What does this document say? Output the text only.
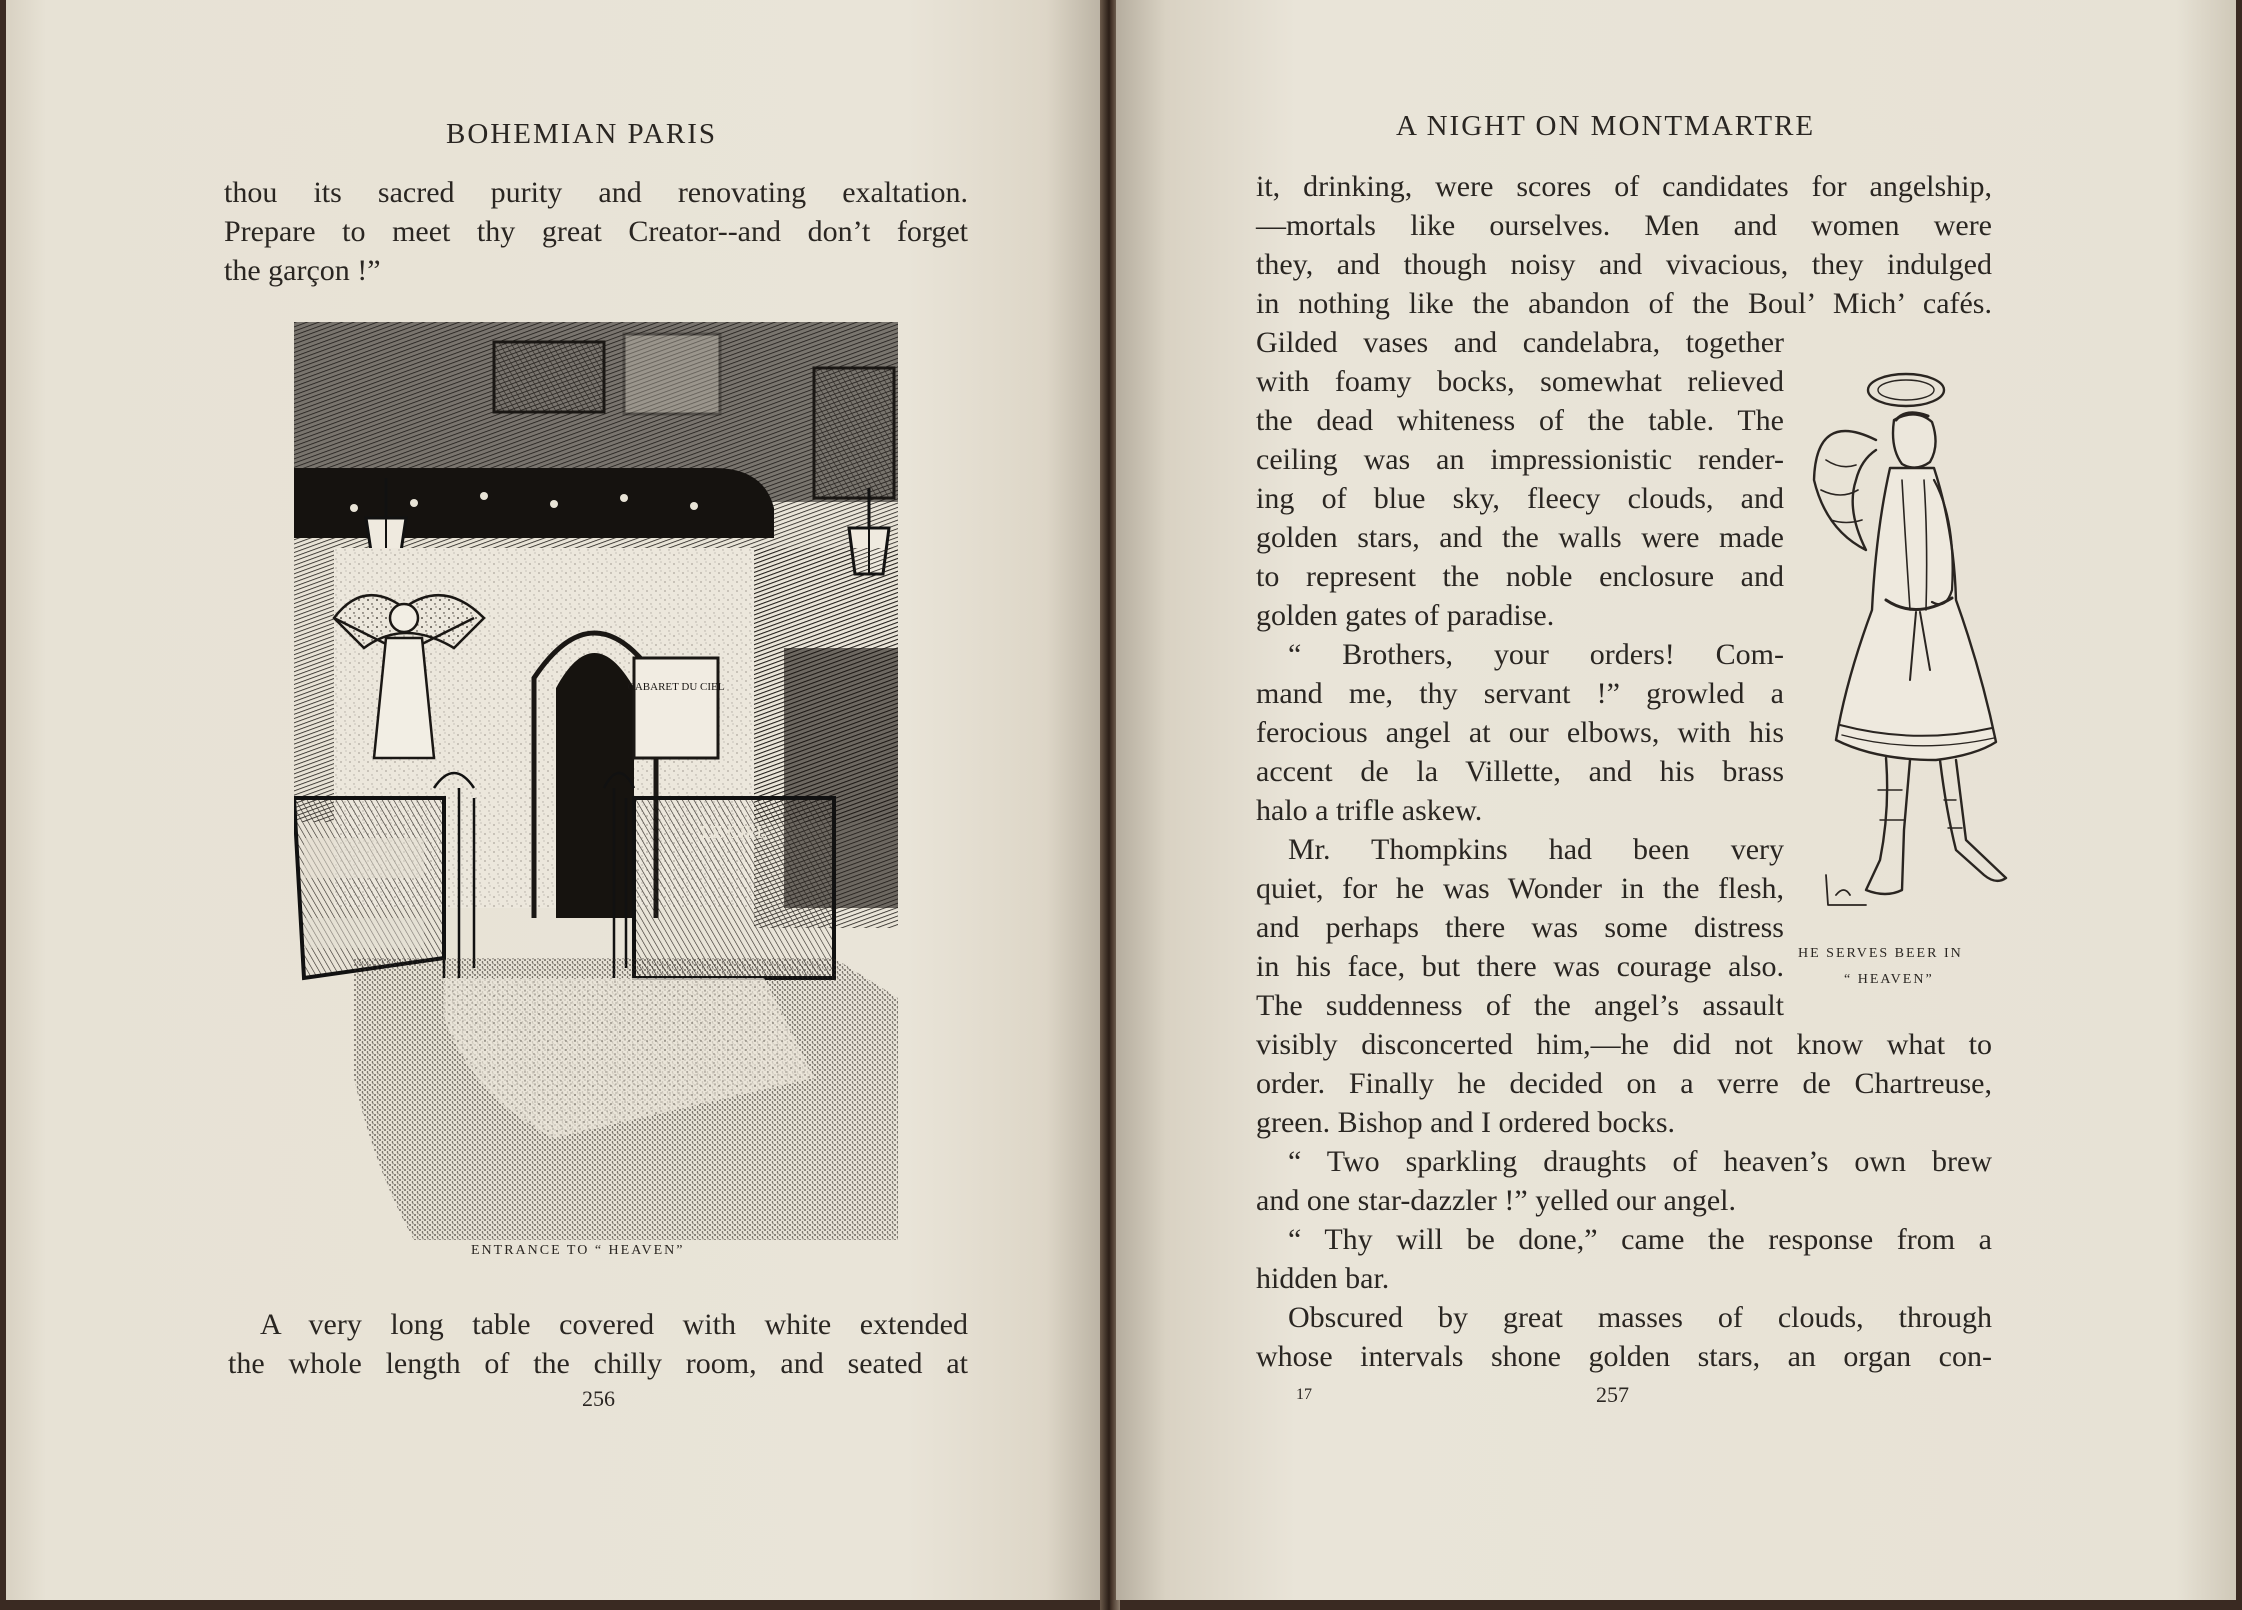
BOHEMIAN PARIS
thou its sacred purity and renovating exaltation.
Prepare to meet thy great Creator--and don’t forget
the garçon !”
CABARET DU CIEL
LE CIEL
ENTRANCE TO “ HEAVEN”
A very long table covered with white extended
the whole length of the chilly room, and seated at
256
A NIGHT ON MONTMARTRE
it, drinking, were scores of candidates for angelship,
—mortals like ourselves. Men and women were
they, and though noisy and vivacious, they indulged
in nothing like the abandon of the Boul’ Mich’ cafés.
Gilded vases and candelabra, together
with foamy bocks, somewhat relieved
the dead whiteness of the table. The
ceiling was an impressionistic render-
ing of blue sky, fleecy clouds, and
golden stars, and the walls were made
to represent the noble enclosure and
golden gates of paradise.
“ Brothers, your orders! Com-
mand me, thy servant !” growled a
ferocious angel at our elbows, with his
accent de la Villette, and his brass
halo a trifle askew.
Mr. Thompkins had been very
quiet, for he was Wonder in the flesh,
and perhaps there was some distress
in his face, but there was courage also.
The suddenness of the angel’s assault
visibly disconcerted him,—he did not know what to
order. Finally he decided on a verre de Chartreuse,
green. Bishop and I ordered bocks.
“ Two sparkling draughts of heaven’s own brew
and one star-dazzler !” yelled our angel.
“ Thy will be done,” came the response from a
hidden bar.
Obscured by great masses of clouds, through
whose intervals shone golden stars, an organ con-
HE SERVES BEER IN
“ HEAVEN”
17	257
